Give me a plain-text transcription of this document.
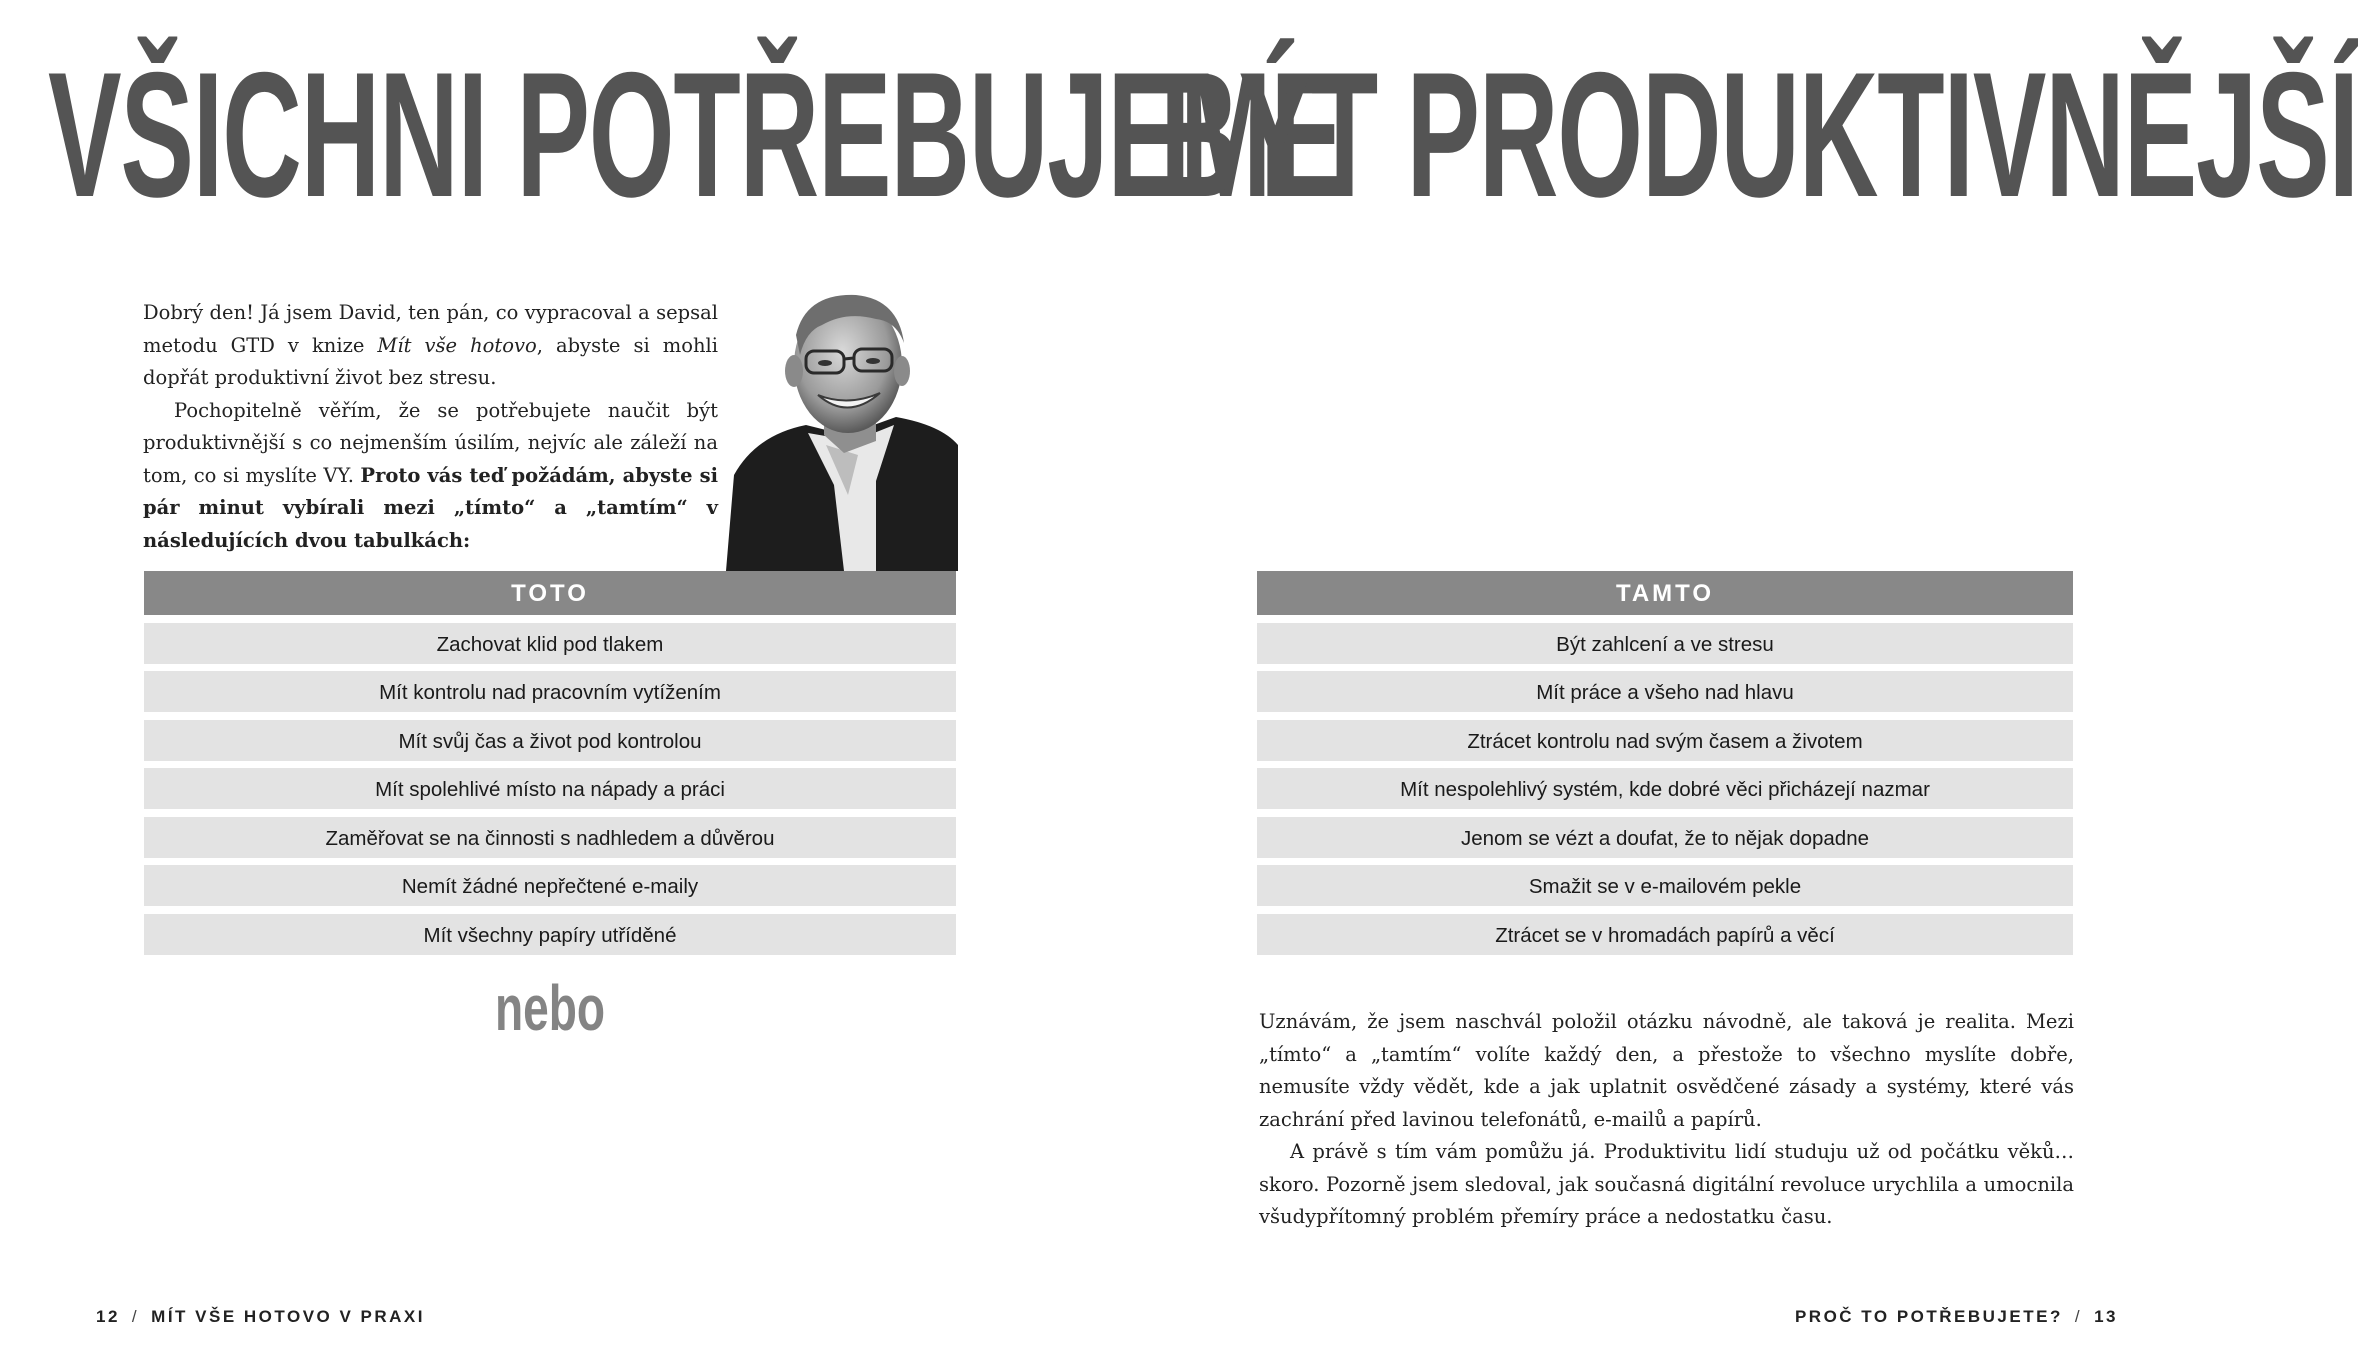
VŠICHNI POTŘEBUJEME
BÝT PRODUKTIVNĚJŠÍ

Dobrý den! Já jsem David, ten pán, co vypracoval a sepsal metodu GTD v knize Mít vše hotovo, abyste si mohli dopřát produktivní život bez stresu.

Pochopitelně věřím, že se potřebujete naučit být produktivnější s co nejmenším úsilím, nejvíc ale záleží na tom, co si myslíte VY. Proto vás teď požádám, abyste si pár minut vybírali mezi „tímto“ a „tamtím“ v následujících dvou tabulkách:

TOTO
Zachovat klid pod tlakem
Mít kontrolu nad pracovním vytížením
Mít svůj čas a život pod kontrolou
Mít spolehlivé místo na nápady a práci
Zaměřovat se na činnosti s nadhledem a důvěrou
Nemít žádné nepřečtené e-maily
Mít všechny papíry utříděné
nebo
TAMTO
Být zahlcení a ve stresu
Mít práce a všeho nad hlavu
Ztrácet kontrolu nad svým časem a životem
Mít nespolehlivý systém, kde dobré věci přicházejí nazmar
Jenom se vézt a doufat, že to nějak dopadne
Smažit se v e-mailovém pekle
Ztrácet se v hromadách papírů a věcí

Uznávám, že jsem naschvál položil otázku návodně, ale taková je realita. Mezi „tímto“ a „tamtím“ volíte každý den, a přestože to všechno myslíte dobře, nemusíte vždy vědět, kde a jak uplatnit osvědčené zásady a systémy, které vás zachrání před lavinou telefonátů, e-mailů a papírů.

A právě s tím vám pomůžu já. Produktivitu lidí studuju už od počátku věků… skoro. Pozorně jsem sledoval, jak současná digitální revoluce urychlila a umocnila všudypřítomný problém přemíry práce a nedostatku času.

12 / MÍT VŠE HOTOVO V PRAXI	PROČ TO POTŘEBUJETE? / 13
